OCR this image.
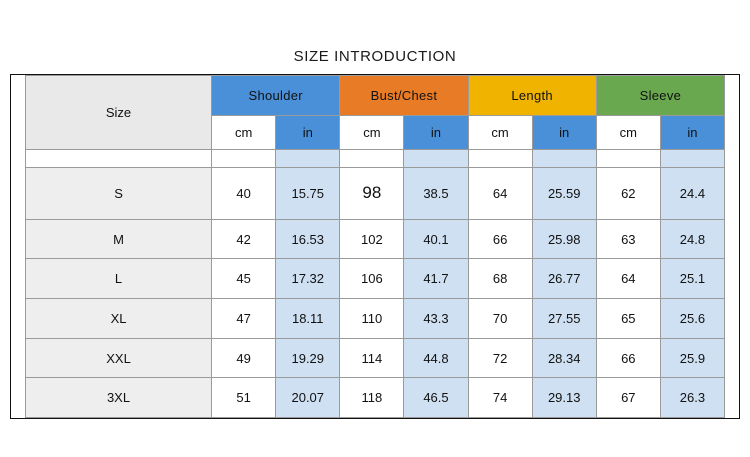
SIZE INTRODUCTION
	Size	Shoulder		Bust/Chest		Length		Sleeve		
		cm	in	cm	in	cm	in	cm	in	

	S	40	15.75	98	38.5	64	25.59	62	24.4	
	M	42	16.53	102	40.1	66	25.98	63	24.8	
	L	45	17.32	106	41.7	68	26.77	64	25.1	
	XL	47	18.11	110	43.3	70	27.55	65	25.6	
	XXL	49	19.29	114	44.8	72	28.34	66	25.9	
	3XL	51	20.07	118	46.5	74	29.13	67	26.3	
